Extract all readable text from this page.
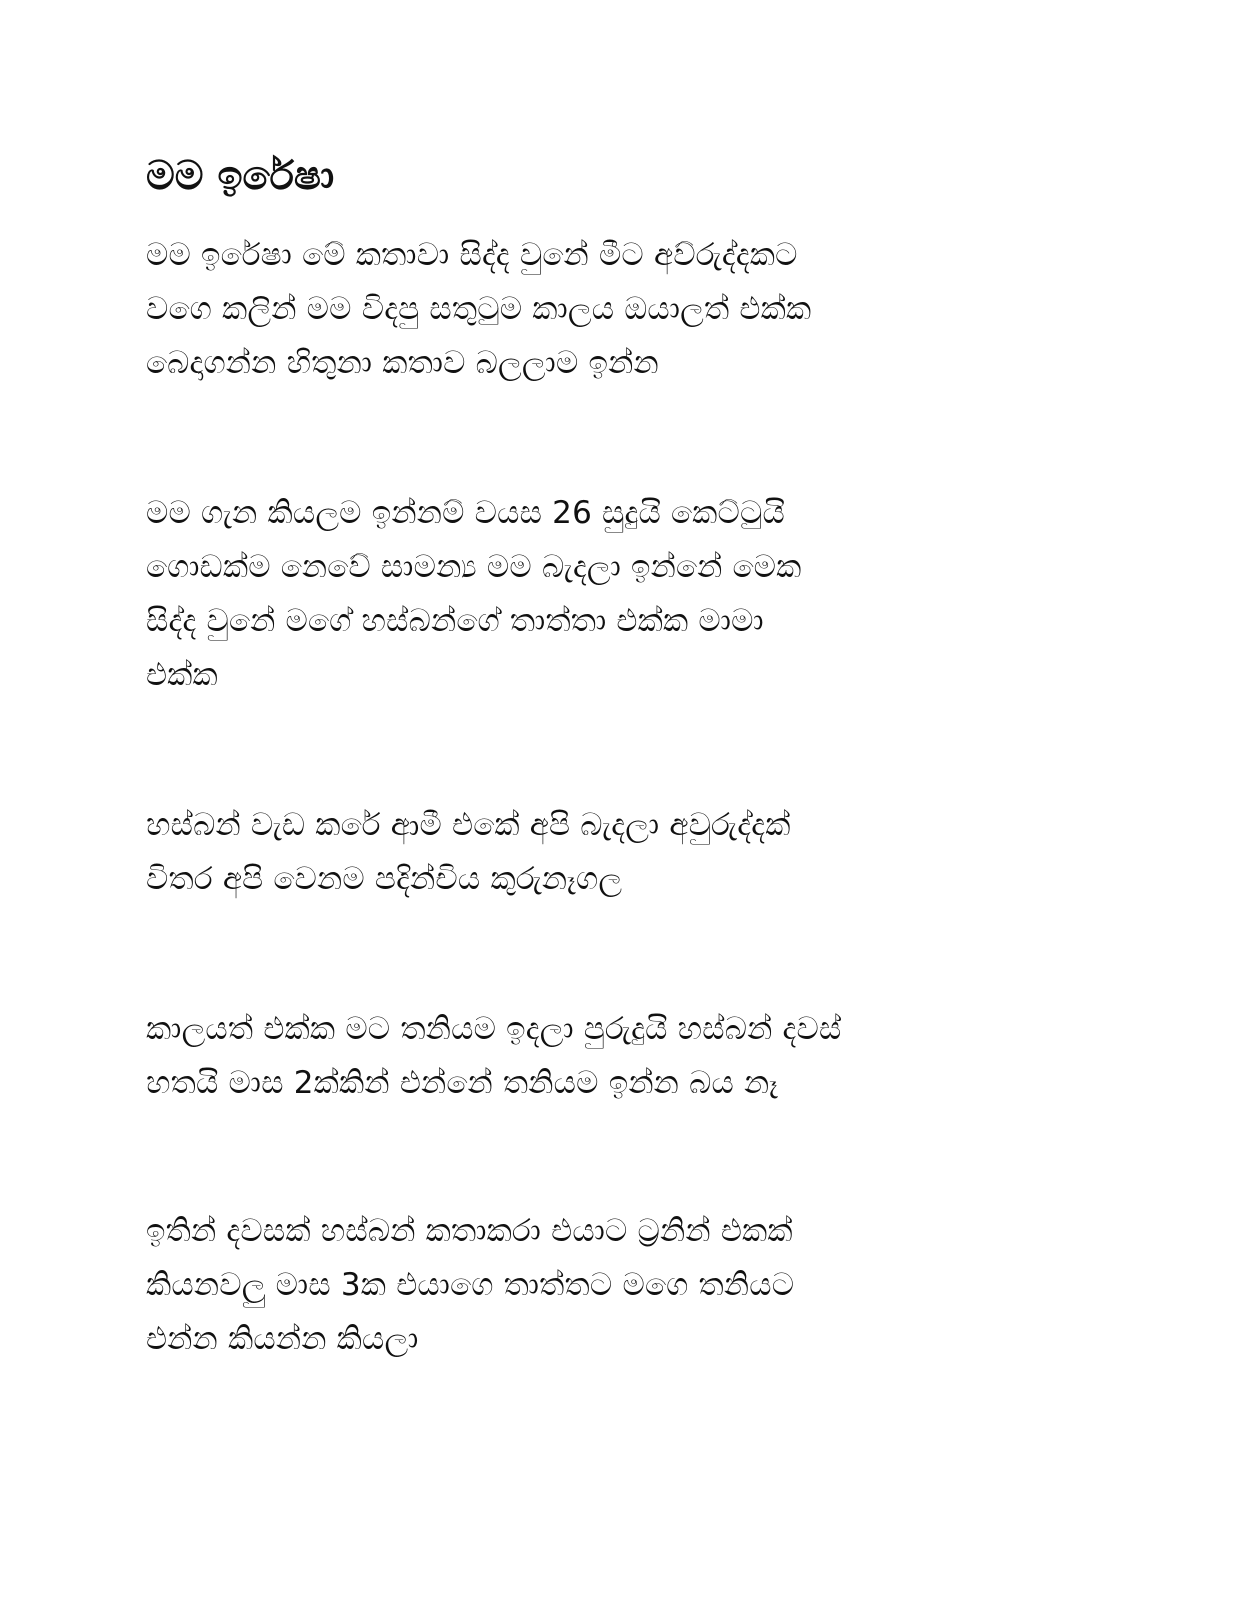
මම ඉරේෂා
මම ඉරේෂා මේ කතාවා සිද්ද වුනේ මීට අව්රුද්දකට
වගෙ කලින් මම විදපු සතුටුම කාලය ඔයාලත් එක්ක
බෙදාගන්න හිතුනා කතාව බලලාම ඉන්න
මම ගැන කියලම ඉන්නම් වයස 26 සුදුයි කෙට්ටුයි
ගොඩක්ම නෙවේ සාමන්‍ය මම බැදලා ඉන්නේ මෙක
සිද්ද වුනේ මගේ හස්බන්ගේ තාත්තා එක්ක මාමා
එක්ක
හස්බන් වැඩ කරේ ආමී එකේ අපි බැදලා අවුරුද්දක්
විතර අපි වෙනම පදින්චිය කුරුනෑගල
කාලයත් එක්ක මට තනියම ඉදලා පුරුදුයි හස්බන් දවස්
හතයි මාස 2ක්කින් එන්නේ තනියම ඉන්න බය නෑ
ඉතින් දවසක් හස්බන් කතාකරා එයාට ට්‍රනින් එකක්
කියනවලු මාස 3ක එයාගෙ තාත්තට මගෙ තනියට
එන්න කියන්න කියලා
